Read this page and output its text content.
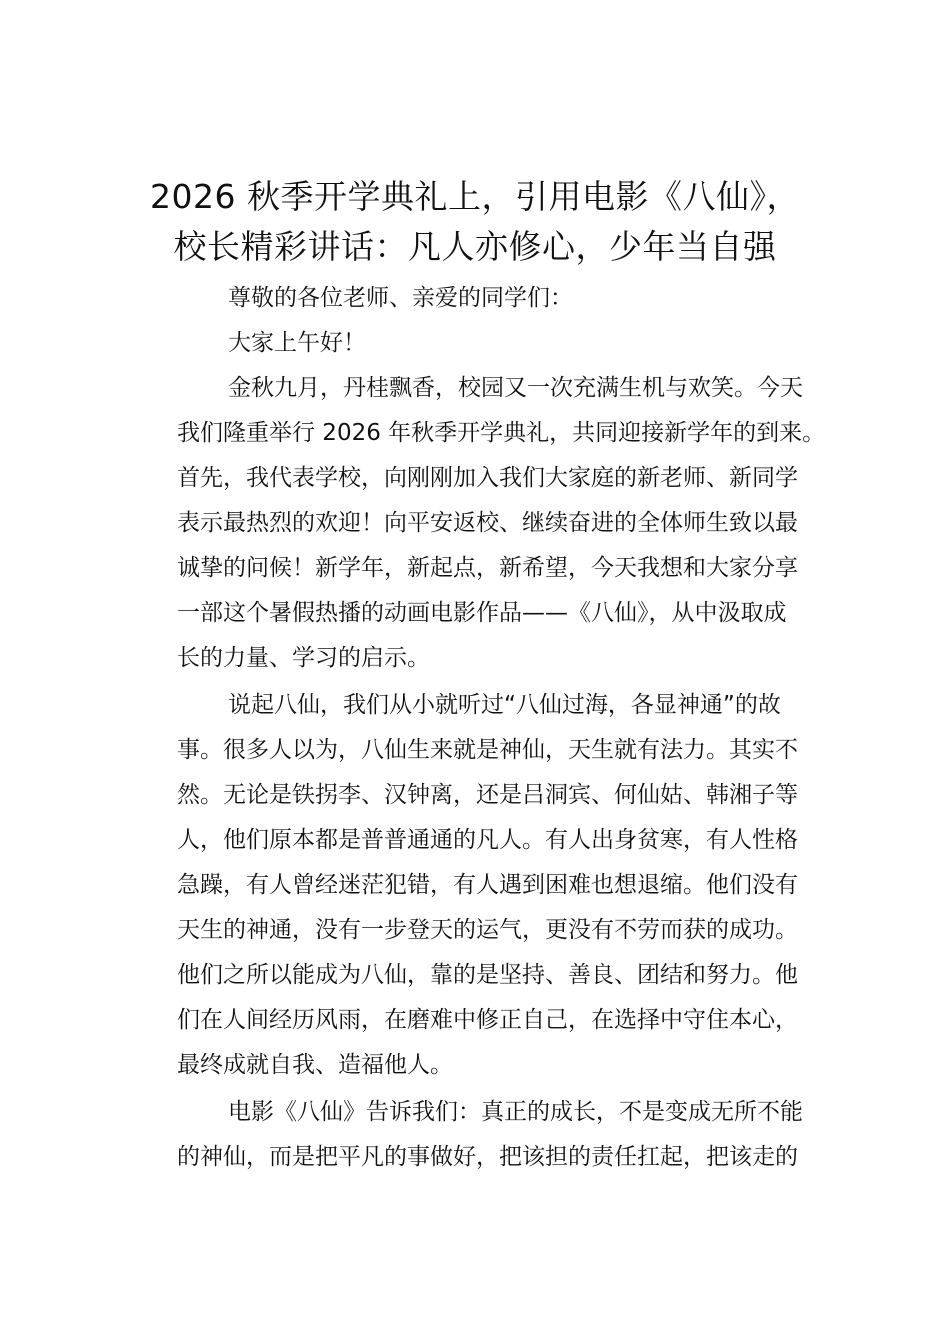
2026 秋季开学典礼上，引用电影《八仙》，
校长精彩讲话：凡人亦修心，少年当自强

尊敬的各位老师、亲爱的同学们：

大家上午好！

金秋九月，丹桂飘香，校园又一次充满生机与欢笑。今天
我们隆重举行 2026 年秋季开学典礼，共同迎接新学年的到来。
首先，我代表学校，向刚刚加入我们大家庭的新老师、新同学
表示最热烈的欢迎！向平安返校、继续奋进的全体师生致以最
诚挚的问候！新学年，新起点，新希望，今天我想和大家分享
一部这个暑假热播的动画电影作品——《八仙》，从中汲取成
长的力量、学习的启示。

说起八仙，我们从小就听过“八仙过海，各显神通”的故
事。很多人以为，八仙生来就是神仙，天生就有法力。其实不
然。无论是铁拐李、汉钟离，还是吕洞宾、何仙姑、韩湘子等
人，他们原本都是普普通通的凡人。有人出身贫寒，有人性格
急躁，有人曾经迷茫犯错，有人遇到困难也想退缩。他们没有
天生的神通，没有一步登天的运气，更没有不劳而获的成功。
他们之所以能成为八仙，靠的是坚持、善良、团结和努力。他
们在人间经历风雨，在磨难中修正自己，在选择中守住本心，
最终成就自我、造福他人。

电影《八仙》告诉我们：真正的成长，不是变成无所不能
的神仙，而是把平凡的事做好，把该担的责任扛起，把该走的
